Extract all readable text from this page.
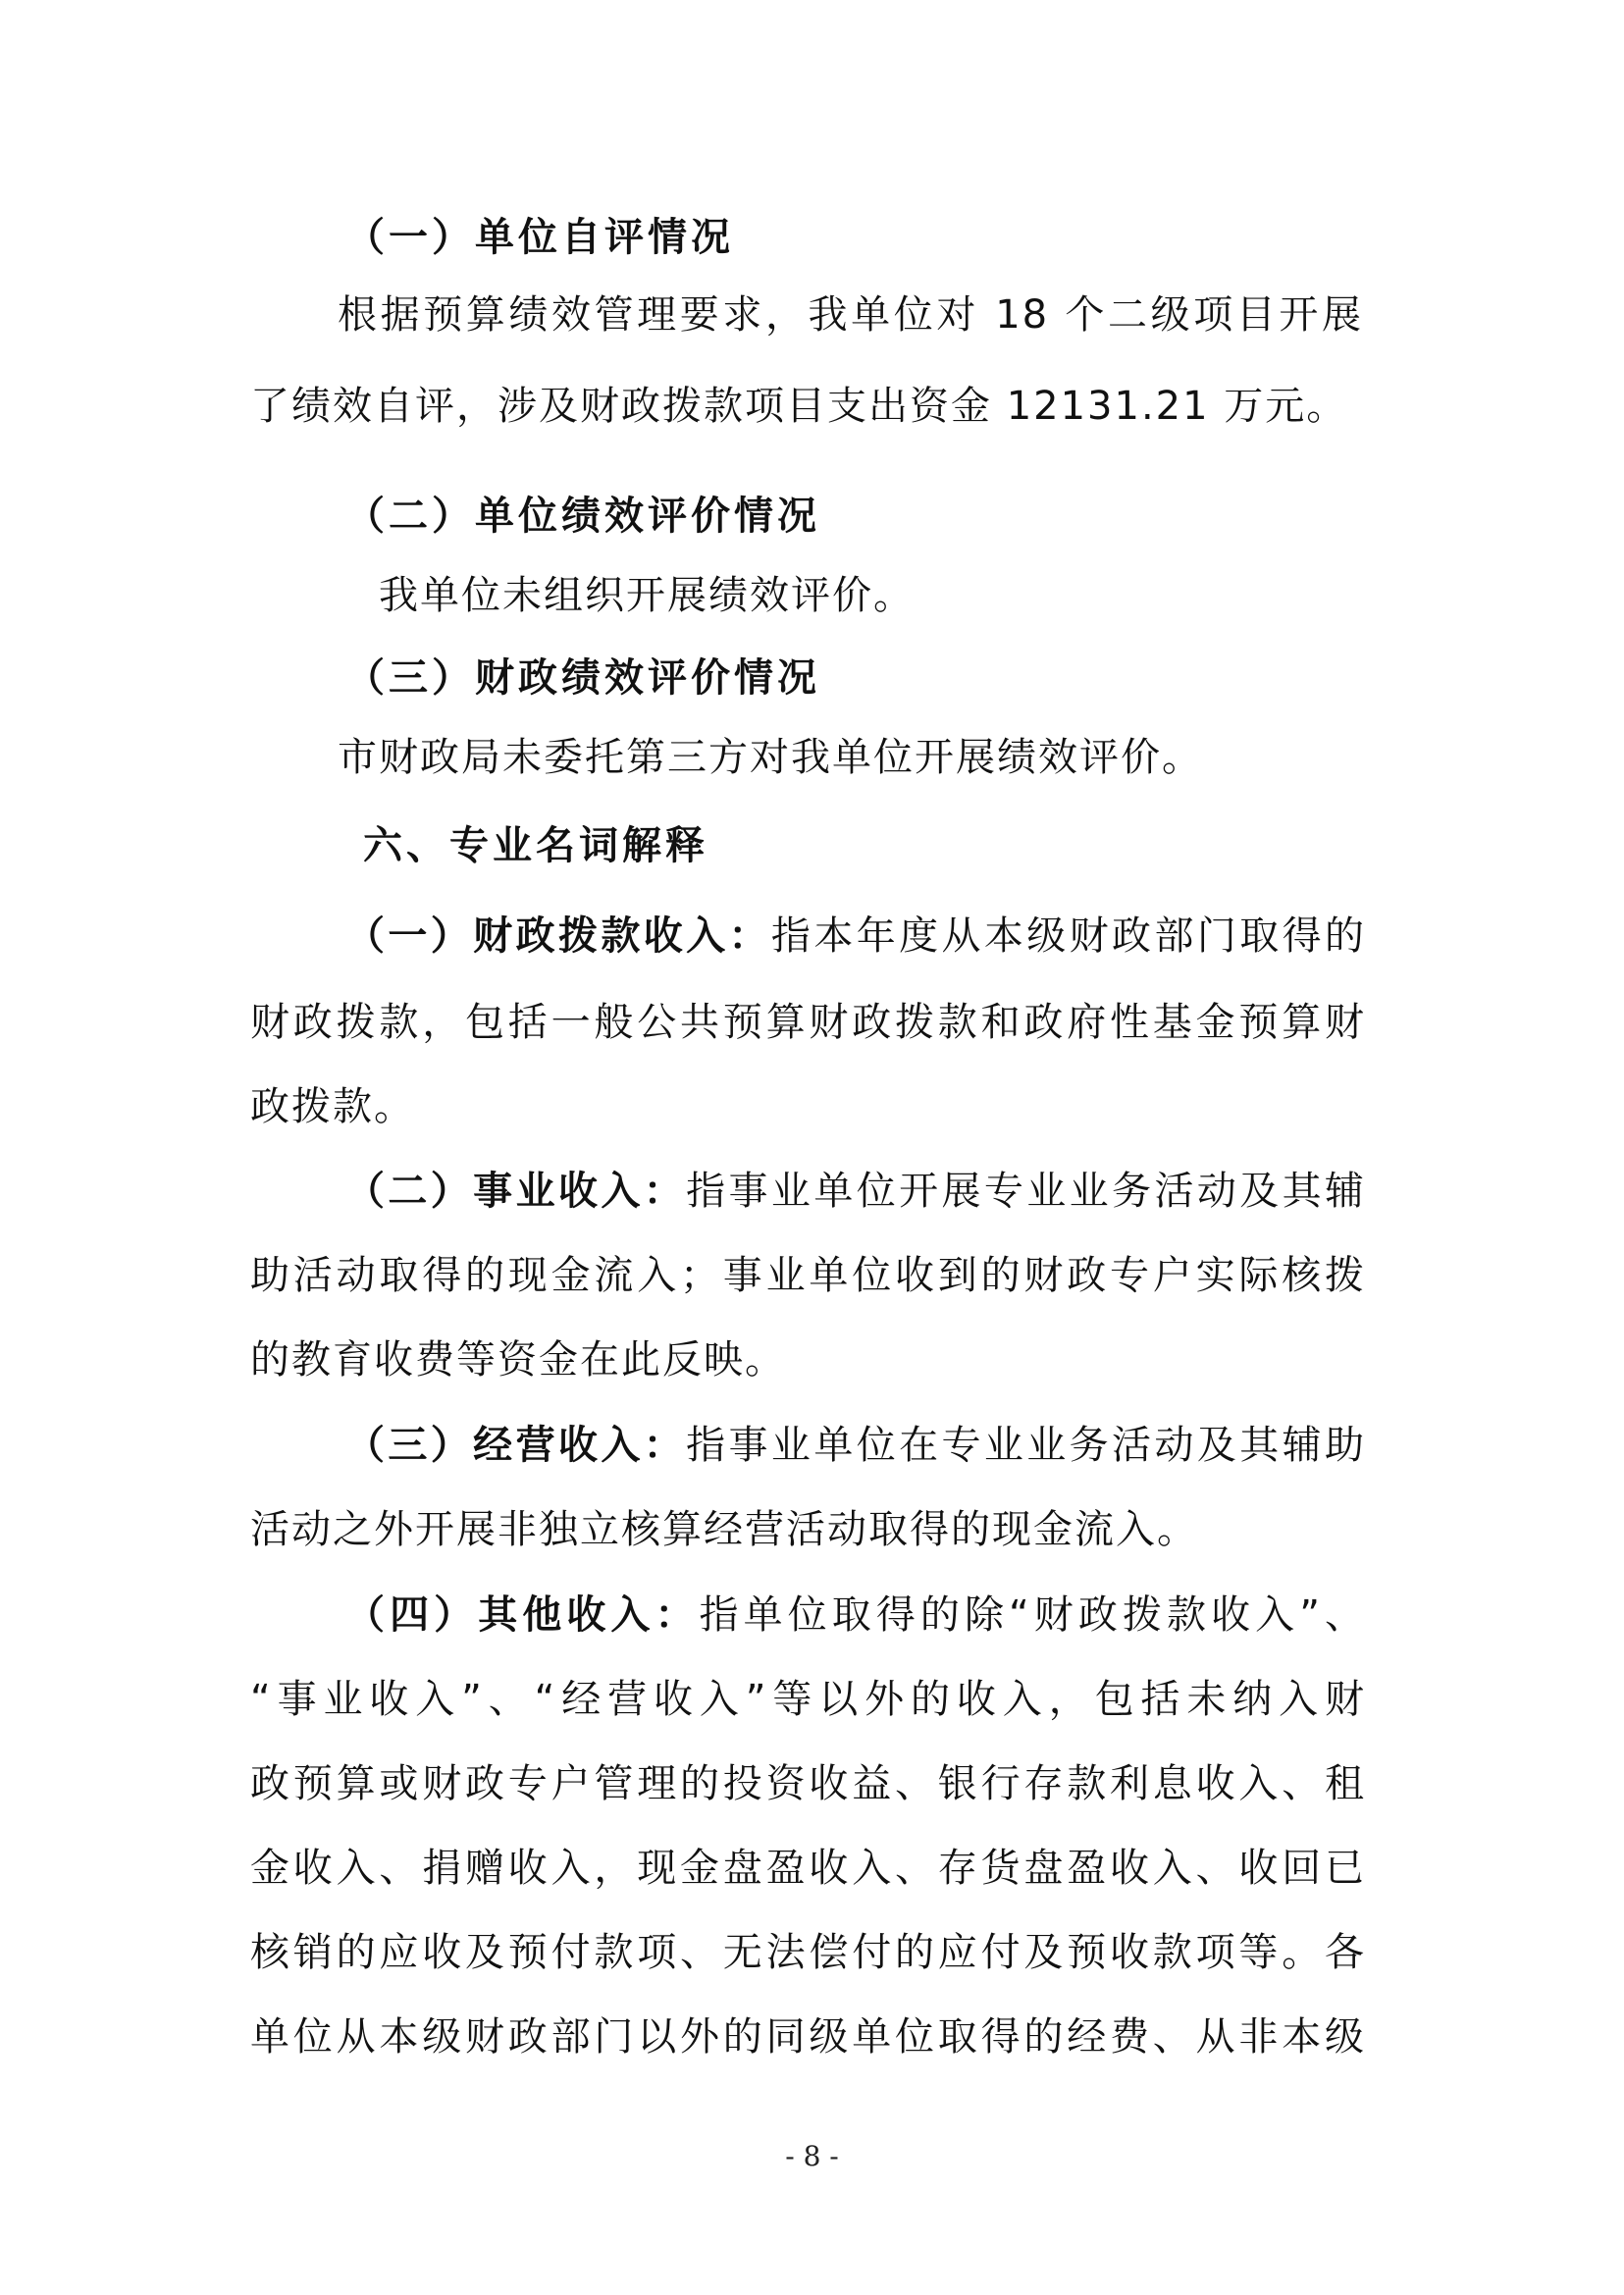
（一）单位自评情况
根据预算绩效管理要求，我单位对 18 个二级项目开展
了绩效自评，涉及财政拨款项目支出资金 12131.21 万元。
（二）单位绩效评价情况
我单位未组织开展绩效评价。
（三）财政绩效评价情况
市财政局未委托第三方对我单位开展绩效评价。
六、专业名词解释
（一）财政拨款收入：指本年度从本级财政部门取得的
财政拨款，包括一般公共预算财政拨款和政府性基金预算财
政拨款。
（二）事业收入：指事业单位开展专业业务活动及其辅
助活动取得的现金流入；事业单位收到的财政专户实际核拨
的教育收费等资金在此反映。
（三）经营收入：指事业单位在专业业务活动及其辅助
活动之外开展非独立核算经营活动取得的现金流入。
（四）其他收入：指单位取得的除“财政拨款收入”、
“事业收入”、“经营收入”等以外的收入，包括未纳入财
政预算或财政专户管理的投资收益、银行存款利息收入、租
金收入、捐赠收入，现金盘盈收入、存货盘盈收入、收回已
核销的应收及预付款项、无法偿付的应付及预收款项等。各
单位从本级财政部门以外的同级单位取得的经费、从非本级
- 8 -
